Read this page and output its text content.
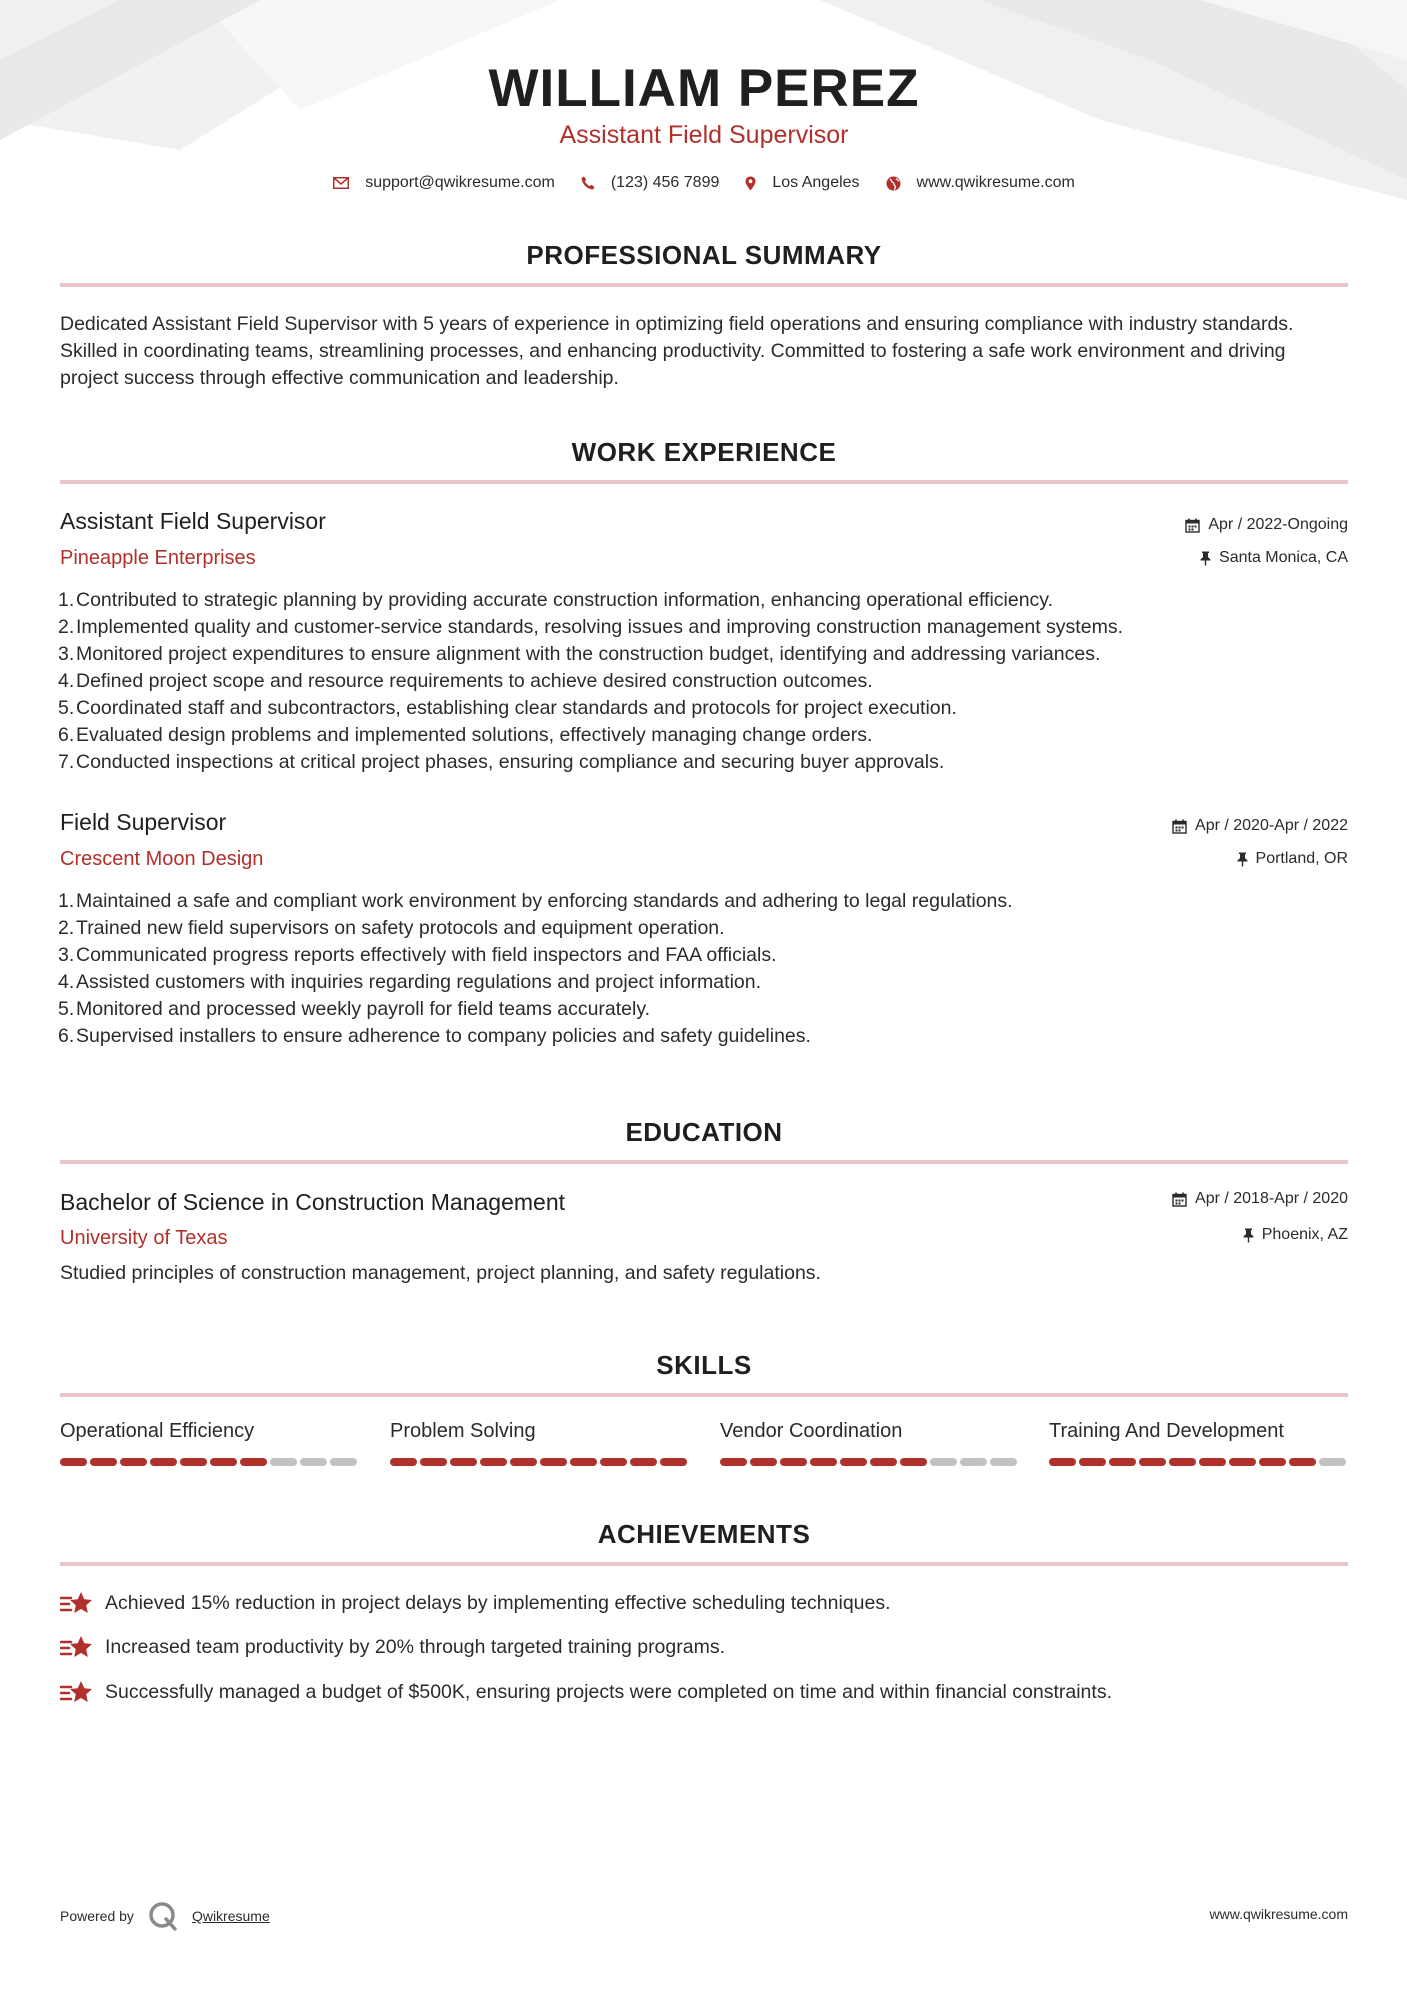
WILLIAM PEREZ
Assistant Field Supervisor
support@qwikresume.com	(123) 456 7899	Los Angeles	www.qwikresume.com
PROFESSIONAL SUMMARY
Dedicated Assistant Field Supervisor with 5 years of experience in optimizing field operations and ensuring compliance with industry standards. Skilled in coordinating teams, streamlining processes, and enhancing productivity. Committed to fostering a safe work environment and driving project success through effective communication and leadership.
WORK EXPERIENCE
Assistant Field Supervisor	Apr / 2022-Ongoing
Pineapple Enterprises	Santa Monica, CA
1.Contributed to strategic planning by providing accurate construction information, enhancing operational efficiency.
2.Implemented quality and customer-service standards, resolving issues and improving construction management systems.
3.Monitored project expenditures to ensure alignment with the construction budget, identifying and addressing variances.
4.Defined project scope and resource requirements to achieve desired construction outcomes.
5.Coordinated staff and subcontractors, establishing clear standards and protocols for project execution.
6.Evaluated design problems and implemented solutions, effectively managing change orders.
7.Conducted inspections at critical project phases, ensuring compliance and securing buyer approvals.
Field Supervisor	Apr / 2020-Apr / 2022
Crescent Moon Design	Portland, OR
1.Maintained a safe and compliant work environment by enforcing standards and adhering to legal regulations.
2.Trained new field supervisors on safety protocols and equipment operation.
3.Communicated progress reports effectively with field inspectors and FAA officials.
4.Assisted customers with inquiries regarding regulations and project information.
5.Monitored and processed weekly payroll for field teams accurately.
6.Supervised installers to ensure adherence to company policies and safety guidelines.
EDUCATION
Bachelor of Science in Construction Management	Apr / 2018-Apr / 2020
University of Texas	Phoenix, AZ
Studied principles of construction management, project planning, and safety regulations.
SKILLS
Operational Efficiency	Problem Solving	Vendor Coordination	Training And Development
ACHIEVEMENTS
Achieved 15% reduction in project delays by implementing effective scheduling techniques.
Increased team productivity by 20% through targeted training programs.
Successfully managed a budget of $500K, ensuring projects were completed on time and within financial constraints.
Powered by	Qwikresume	www.qwikresume.com
